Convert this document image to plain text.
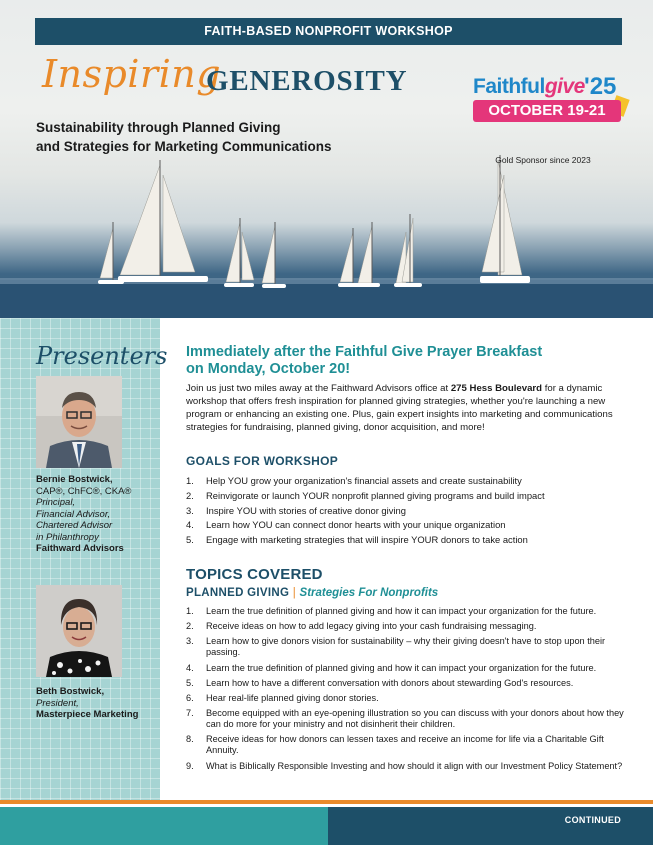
FAITH-BASED NONPROFIT WORKSHOP
Inspiring
GENEROSITY
Sustainability through Planned Giving
and Strategies for Marketing Communications
Faithfulgive '25
OCTOBER 19-21
Gold Sponsor since 2023
Presenters
Bernie Bostwick,
CAP®, ChFC®, CKA®
Principal,
Financial Advisor,
Chartered Advisor
in Philanthropy
Faithward Advisors
Beth Bostwick,
President,
Masterpiece Marketing
Immediately after the Faithful Give Prayer Breakfast
on Monday, October 20!

Join us just two miles away at the Faithward Advisors office at 275 Hess Boulevard for a dynamic workshop that offers fresh inspiration for planned giving strategies, whether you're launching a new program or enhancing an existing one. Plus, gain expert insights into marketing and communications strategies for fundraising, planned giving, donor acquisition, and more!

GOALS FOR WORKSHOP
1.	Help YOU grow your organization's financial assets and create sustainability
2.	Reinvigorate or launch YOUR nonprofit planned giving programs and build impact
3.	Inspire YOU with stories of creative donor giving
4.	Learn how YOU can connect donor hearts with your unique organization
5.	Engage with marketing strategies that will inspire YOUR donors to take action
TOPICS COVERED
PLANNED GIVING | Strategies For Nonprofits
1.	Learn the true definition of planned giving and how it can impact your organization for the future.
2.	Receive ideas on how to add legacy giving into your cash fundraising messaging.
3.	Learn how to give donors vision for sustainability – why their giving doesn't have to stop upon their passing.
4.	Learn the true definition of planned giving and how it can impact your organization for the future.
5.	Learn how to have a different conversation with donors about stewarding God's resources.
6.	Hear real-life planned giving donor stories.
7.	Become equipped with an eye-opening illustration so you can discuss with your donors about how they can do more for your ministry and not disinherit their children.
8.	Receive ideas for how donors can lessen taxes and receive an income for life via a Charitable Gift Annuity.
9.	What is Biblically Responsible Investing and how should it align with our Investment Policy Statement?
CONTINUED
